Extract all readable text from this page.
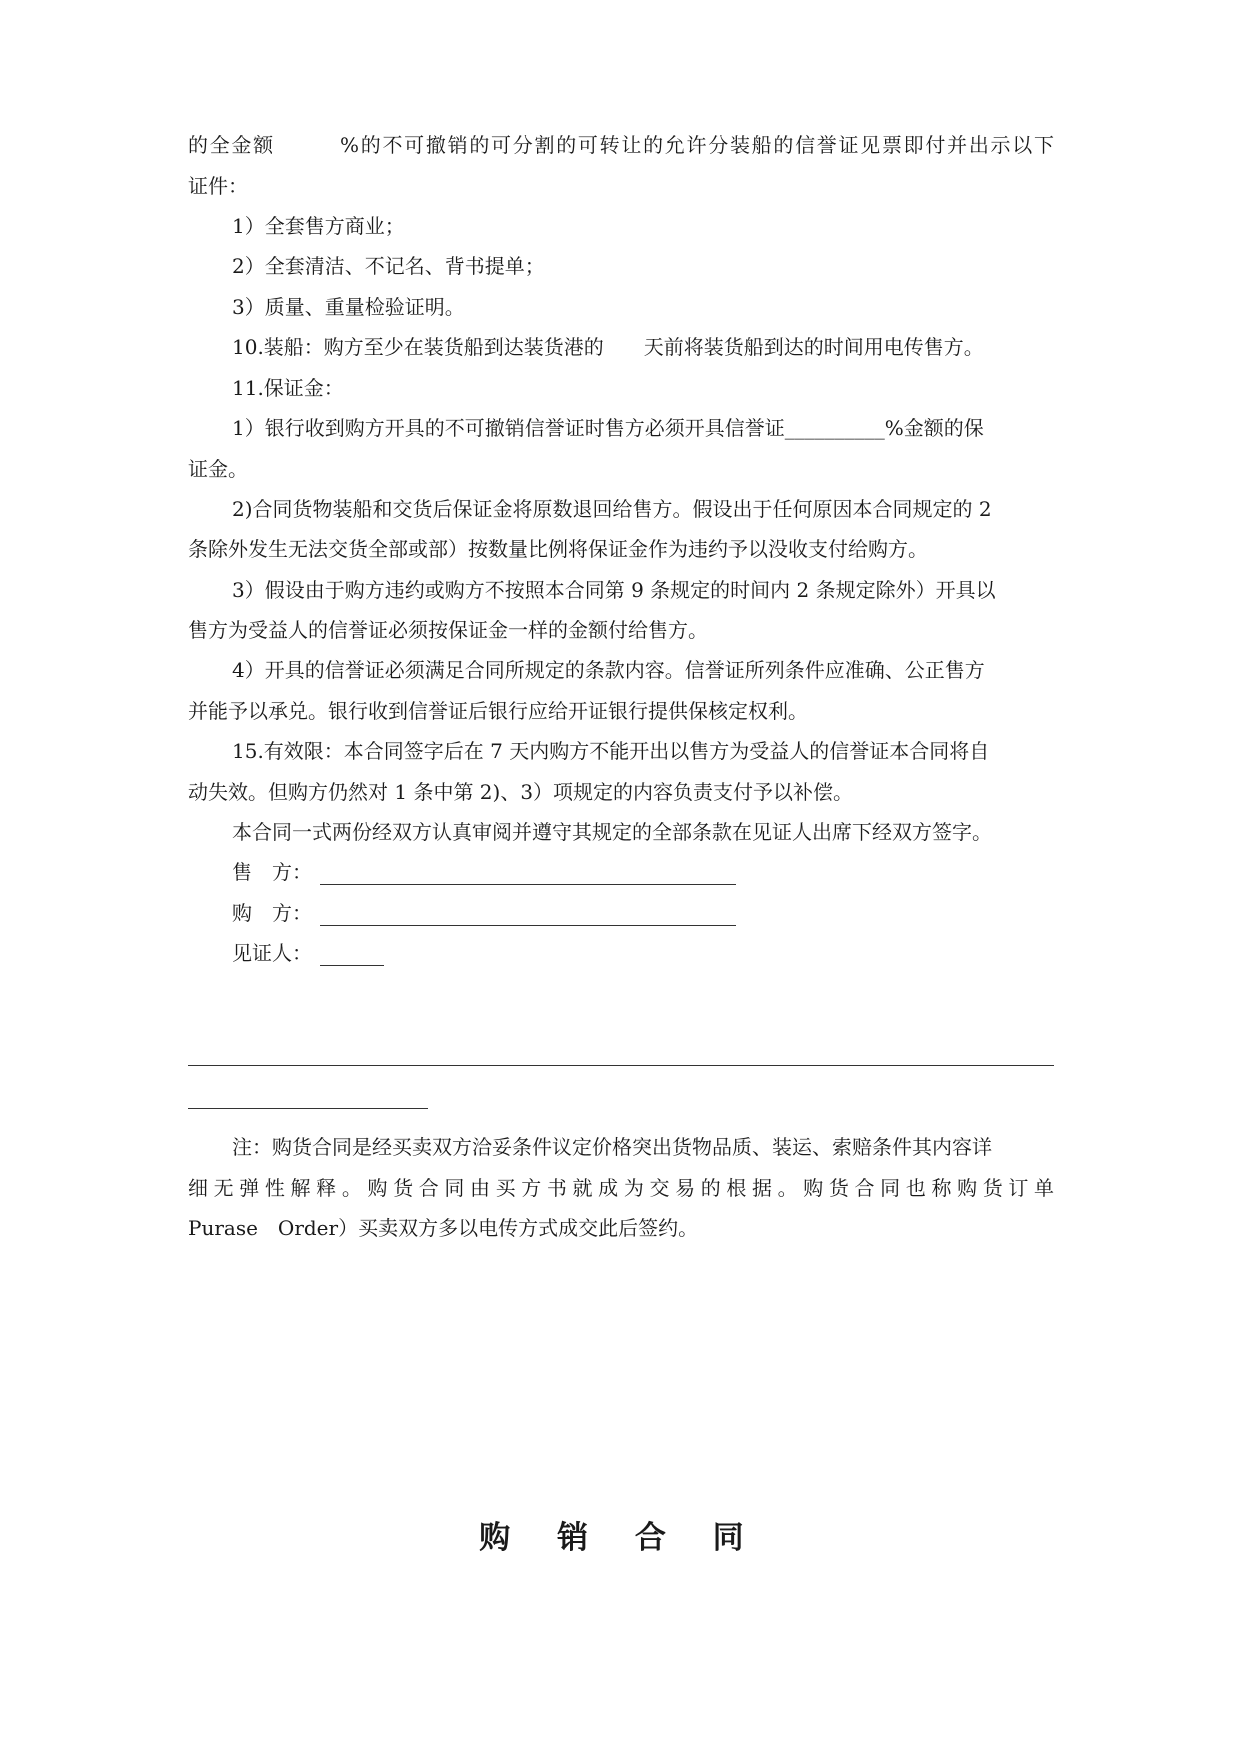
的全金额　　　%的不可撤销的可分割的可转让的允许分装船的信誉证见票即付并出示以下
证件：
1）全套售方商业；
2）全套清洁、不记名、背书提单；
3）质量、重量检验证明。
10.装船：购方至少在装货船到达装货港的　　天前将装货船到达的时间用电传售方。
11.保证金：
1）银行收到购方开具的不可撤销信誉证时售方必须开具信誉证__________%金额的保
证金。
2)合同货物装船和交货后保证金将原数退回给售方。假设出于任何原因本合同规定的 2
条除外发生无法交货全部或部）按数量比例将保证金作为违约予以没收支付给购方。
3）假设由于购方违约或购方不按照本合同第 9 条规定的时间内 2 条规定除外）开具以
售方为受益人的信誉证必须按保证金一样的金额付给售方。
4）开具的信誉证必须满足合同所规定的条款内容。信誉证所列条件应准确、公正售方
并能予以承兑。银行收到信誉证后银行应给开证银行提供保核定权利。
15.有效限：本合同签字后在 7 天内购方不能开出以售方为受益人的信誉证本合同将自
动失效。但购方仍然对 1 条中第 2)、3）项规定的内容负责支付予以补偿。
本合同一式两份经双方认真审阅并遵守其规定的全部条款在见证人出席下经双方签字。
售　方：
购　方：
见证人：
注：购货合同是经买卖双方洽妥条件议定价格突出货物品质、装运、索赔条件其内容详
细无弹性解释。购货合同由买方书就成为交易的根据。购货合同也称购货订单
Purase　Order）买卖双方多以电传方式成交此后签约。
购 销 合 同
